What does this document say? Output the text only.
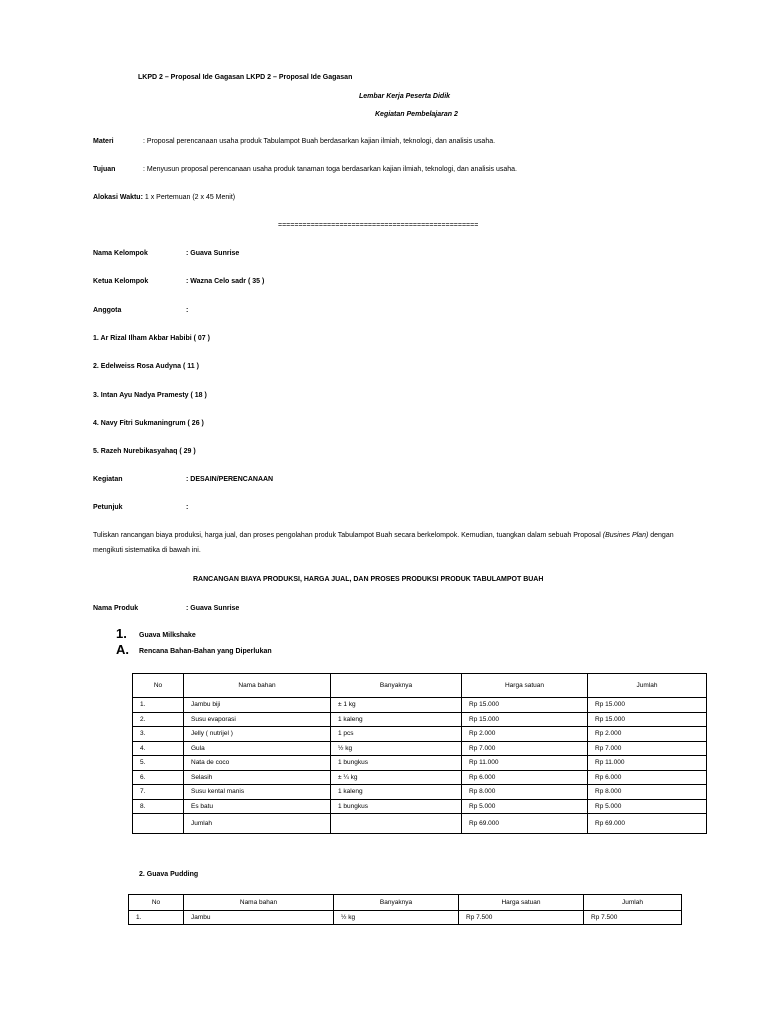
LKPD 2 – Proposal Ide Gagasan LKPD 2 – Proposal Ide Gagasan
Lembar Kerja Peserta Didik
Kegiatan Pembelajaran 2
Materi	: Proposal perencanaan usaha produk Tabulampot Buah berdasarkan kajian ilmiah, teknologi, dan analisis usaha.
Tujuan	: Menyusun proposal perencanaan usaha produk tanaman toga berdasarkan kajian ilmiah, teknologi, dan analisis usaha.
Alokasi Waktu: 1 x Pertemuan (2 x 45 Menit)
=================================================
Nama Kelompok	: Guava Sunrise
Ketua Kelompok	: Wazna Celo sadr ( 35 )
Anggota	:
1. Ar Rizal Ilham Akbar Habibi ( 07 )
2. Edelweiss Rosa Audyna ( 11 )
3. Intan Ayu Nadya Pramesty ( 18 )
4. Navy Fitri Sukmaningrum ( 26 )
5. Razeh Nurebikasyahaq ( 29 )
Kegiatan	: DESAIN/PERENCANAAN
Petunjuk	:
Tuliskan rancangan biaya produksi, harga jual, dan proses pengolahan produk Tabulampot Buah secara berkelompok. Kemudian, tuangkan dalam sebuah Proposal (Busines Plan) dengan mengikuti sistematika di bawah ini.
RANCANGAN BIAYA PRODUKSI, HARGA JUAL, DAN PROSES PRODUKSI PRODUK TABULAMPOT BUAH
Nama Produk	: Guava Sunrise
1. Guava Milkshake
A. Rencana Bahan-Bahan yang Diperlukan
No	Nama bahan	Banyaknya	Harga satuan	Jumlah
1.	Jambu biji	± 1 kg	Rp 15.000	Rp 15.000
2.	Susu evaporasi	1 kaleng	Rp 15.000	Rp 15.000
3.	Jelly ( nutrijel )	1 pcs	Rp 2.000	Rp 2.000
4.	Gula	½ kg	Rp 7.000	Rp 7.000
5.	Nata de coco	1 bungkus	Rp 11.000	Rp 11.000
6.	Selasih	± ¼ kg	Rp 6.000	Rp 6.000
7.	Susu kental manis	1 kaleng	Rp 8.000	Rp 8.000
8.	Es batu	1 bungkus	Rp 5.000	Rp 5.000
	Jumlah		Rp 69.000	Rp 69.000
2. Guava Pudding
No	Nama bahan	Banyaknya	Harga satuan	Jumlah
1.	Jambu	½ kg	Rp 7.500	Rp 7.500
